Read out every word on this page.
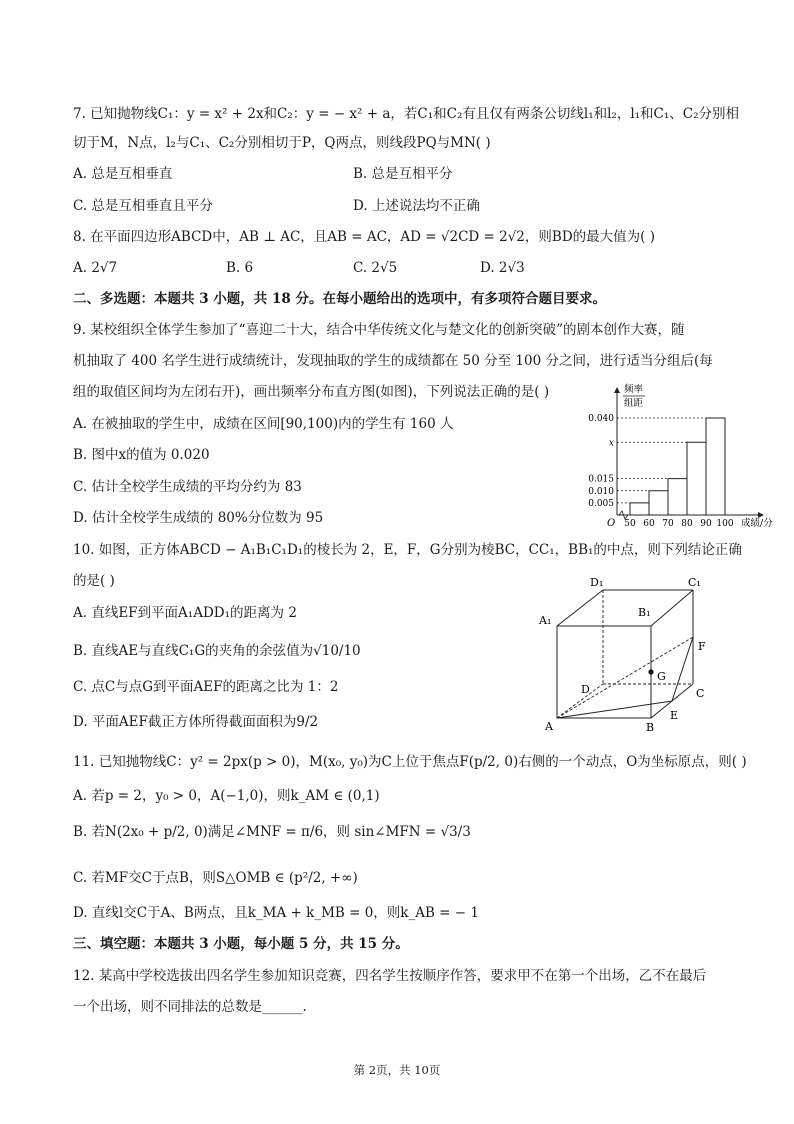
7. 已知抛物线C₁：y = x² + 2x和C₂：y = − x² + a，若C₁和C₂有且仅有两条公切线l₁和l₂，l₁和C₁、C₂分别相
切于M，N点，l₂与C₁、C₂分别相切于P，Q两点，则线段PQ与MN( )
A. 总是互相垂直	B. 总是互相平分
C. 总是互相垂直且平分	D. 上述说法均不正确
8. 在平面四边形ABCD中，AB ⊥ AC，且AB = AC，AD = √2CD = 2√2，则BD的最大值为( )
A. 2√7	B. 6	C. 2√5	D. 2√3
二、多选题：本题共 3 小题，共 18 分。在每小题给出的选项中，有多项符合题目要求。
9. 某校组织全体学生参加了“喜迎二十大，结合中华传统文化与楚文化的创新突破”的剧本创作大赛，随
机抽取了 400 名学生进行成绩统计，发现抽取的学生的成绩都在 50 分至 100 分之间，进行适当分组后(每
组的取值区间均为左闭右开)，画出频率分布直方图(如图)，下列说法正确的是( )
A. 在被抽取的学生中，成绩在区间[90,100)内的学生有 160 人
B. 图中x的值为 0.020
C. 估计全校学生成绩的平均分约为 83
D. 估计全校学生成绩的 80%分位数为 95
频率
组距
成绩/分
O
0.040
x
0.015
0.010
0.005
50 60 70 80 90 100
10. 如图，正方体ABCD − A₁B₁C₁D₁的棱长为 2，E，F，G分别为棱BC，CC₁，BB₁的中点，则下列结论正确
的是( )
A. 直线EF到平面A₁ADD₁的距离为 2
B. 直线AE与直线C₁G的夹角的余弦值为√10/10
C. 点C与点G到平面AEF的距离之比为 1：2
D. 平面AEF截正方体所得截面面积为9/2
D₁	C₁
A₁
B₁
F
G
D	C
E
A	B
11. 已知抛物线C：y² = 2px(p > 0)，M(x₀, y₀)为C上位于焦点F(p/2, 0)右侧的一个动点，O为坐标原点，则( )
A. 若p = 2，y₀ > 0，A(−1,0)，则k_AM ∈ (0,1)
B. 若N(2x₀ + p/2, 0)满足∠MNF = π/6，则 sin∠MFN = √3/3
C. 若MF交C于点B，则S△OMB ∈ (p²/2, +∞)
D. 直线l交C于A、B两点，且k_MA + k_MB = 0，则k_AB = − 1
三、填空题：本题共 3 小题，每小题 5 分，共 15 分。
12. 某高中学校选拔出四名学生参加知识竞赛，四名学生按顺序作答，要求甲不在第一个出场，乙不在最后
一个出场，则不同排法的总数是______.
第 2页，共 10页
